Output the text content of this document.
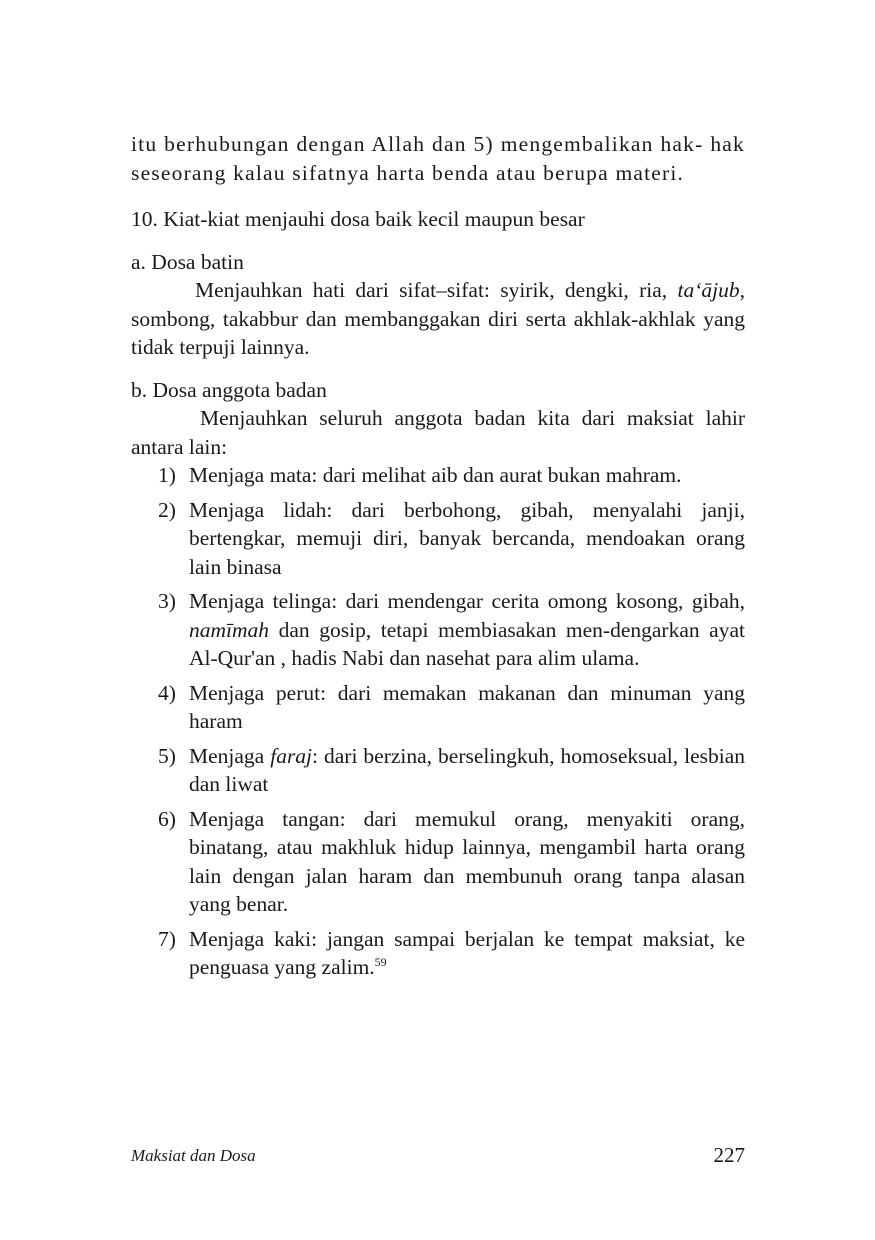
itu berhubungan dengan Allah dan 5) mengembalikan hak- hak seseorang kalau sifatnya harta benda atau berupa materi.

10. Kiat-kiat menjauhi dosa baik kecil maupun besar

a. Dosa batin

Menjauhkan hati dari sifat–sifat: syirik, dengki, ria, ta‘ājub, sombong, takabbur dan membanggakan diri serta akhlak-akhlak yang tidak terpuji lainnya.

b. Dosa anggota badan

Menjauhkan seluruh anggota badan kita dari maksiat lahir antara lain:

1) Menjaga mata: dari melihat aib dan aurat bukan mahram.
2) Menjaga lidah: dari berbohong, gibah, menyalahi janji, bertengkar, memuji diri, banyak bercanda, mendoakan orang lain binasa
3) Menjaga telinga: dari mendengar cerita omong kosong, gibah, namīmah dan gosip, tetapi membiasakan men-dengarkan ayat Al-Qur'an , hadis Nabi dan nasehat para alim ulama.
4) Menjaga perut: dari memakan makanan dan minuman yang haram
5) Menjaga faraj: dari berzina, berselingkuh, homoseksual, lesbian dan liwat
6) Menjaga tangan: dari memukul orang, menyakiti orang, binatang, atau makhluk hidup lainnya, mengambil harta orang lain dengan jalan haram dan membunuh orang tanpa alasan yang benar.
7) Menjaga kaki: jangan sampai berjalan ke tempat maksiat, ke penguasa yang zalim.$^{59}$
Maksiat dan Dosa	227
